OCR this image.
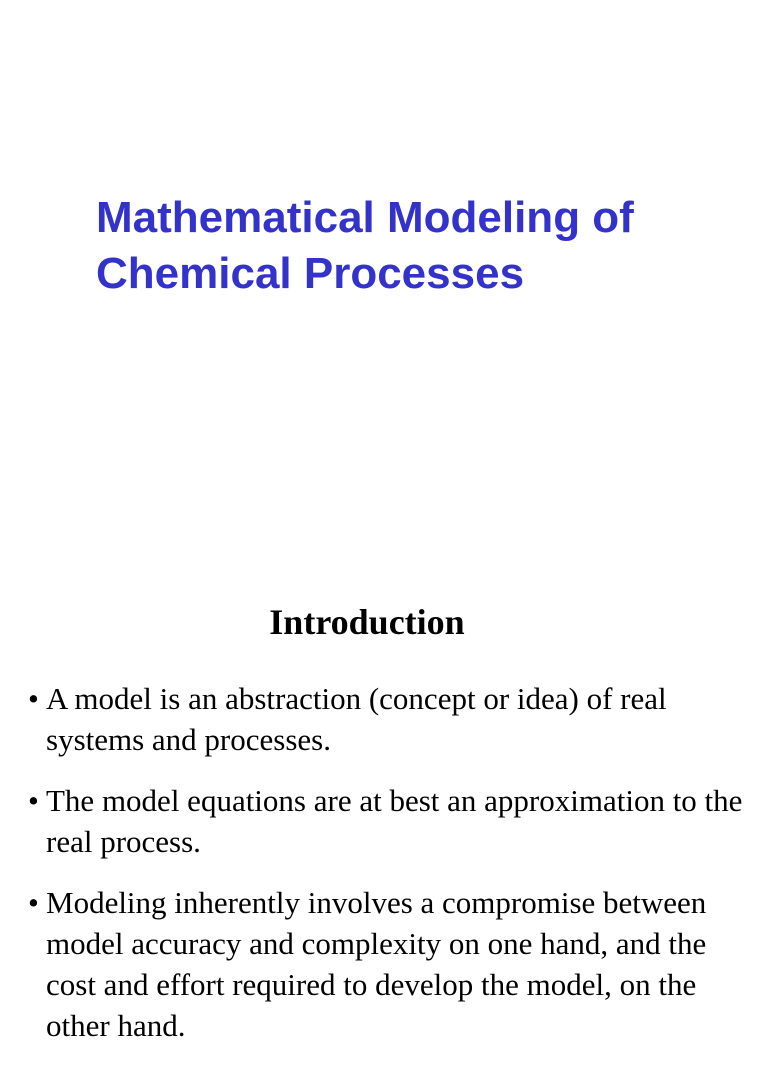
Mathematical Modeling of
Chemical Processes
Introduction
• A model is an abstraction (concept or idea) of real systems and processes.
• The model equations are at best an approximation to the real process.
• Modeling inherently involves a compromise between model accuracy and complexity on one hand, and the cost and effort required to develop the model, on the other hand.
